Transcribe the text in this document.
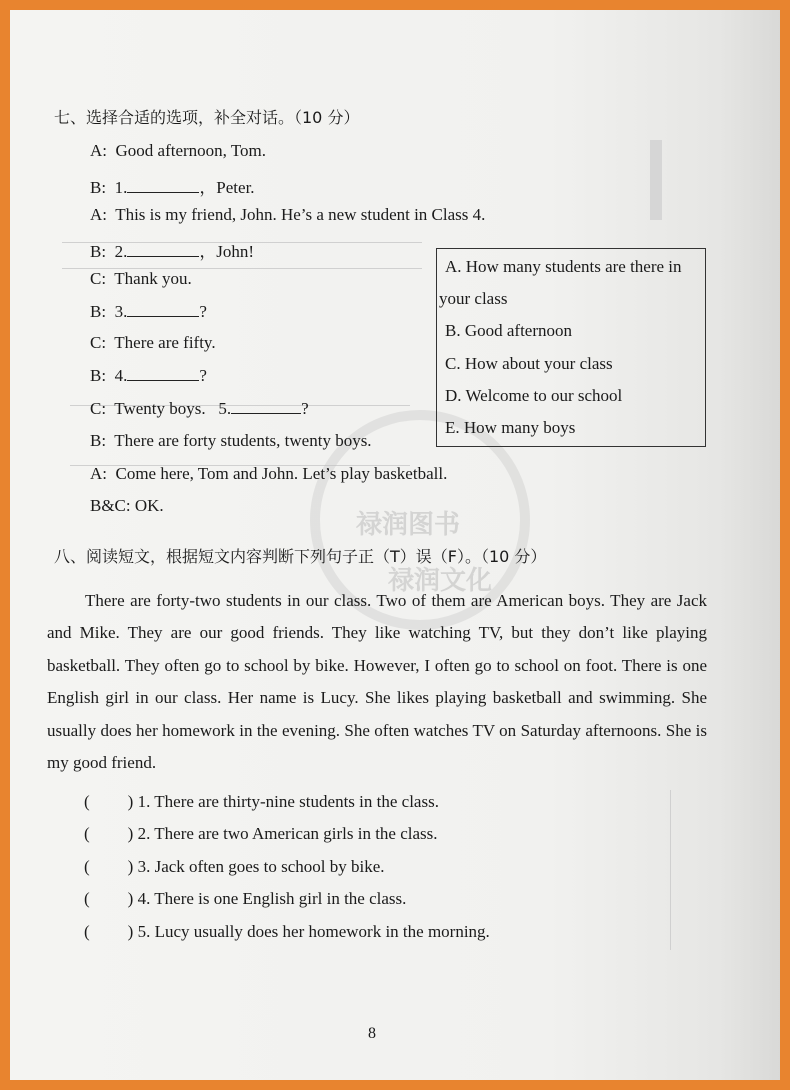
禄润图书
禄润文化
七、选择合适的选项，补全对话。（10 分）
A: Good afternoon, Tom.
B: 1.	，Peter.
A: This is my friend, John. He’s a new student in Class 4.
B: 2.	，John!
C: Thank you.
B: 3.	?
C: There are fifty.
B: 4.	?
C: Twenty boys. 5.	?
B: There are forty students, twenty boys.
A: Come here, Tom and John. Let’s play basketball.
B&C: OK.
A. How many students are there in
your class
B. Good afternoon
C. How about your class
D. Welcome to our school
E. How many boys
八、阅读短文，根据短文内容判断下列句子正（T）误（F）。（10 分）
There are forty-two students in our class. Two of them are American boys. They are Jack and Mike. They are our good friends. They like watching TV, but they don’t like playing basketball. They often go to school by bike. However, I often go to school on foot. There is one English girl in our class. Her name is Lucy. She likes playing basketball and swimming. She usually does her homework in the evening. She often watches TV on Saturday afternoons. She is my good friend.
( ) 1. There are thirty-nine students in the class.
( ) 2. There are two American girls in the class.
( ) 3. Jack often goes to school by bike.
( ) 4. There is one English girl in the class.
( ) 5. Lucy usually does her homework in the morning.
8
